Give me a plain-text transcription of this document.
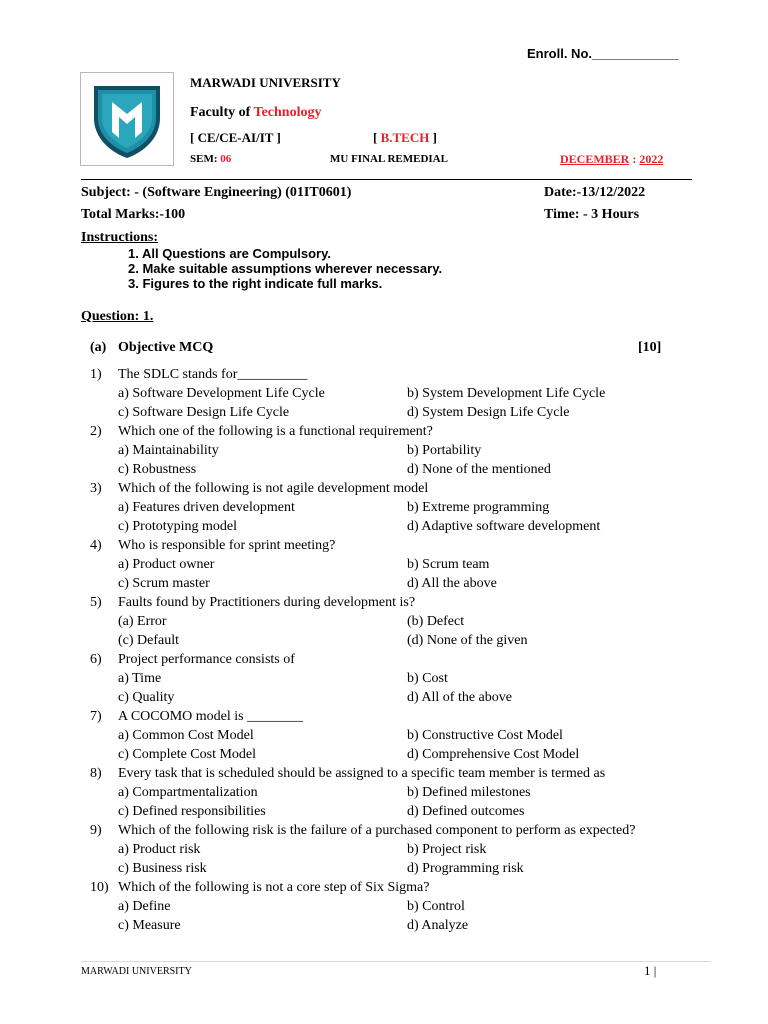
Enroll. No.____________
MARWADI UNIVERSITY
Faculty of Technology
[ CE/CE-AI/IT ]	[ B.TECH ]
SEM: 06	MU FINAL REMEDIAL	DECEMBER : 2022
Subject: - (Software Engineering) (01IT0601)	Date:-13/12/2022
Total Marks:-100	Time: - 3 Hours
Instructions:
1. All Questions are Compulsory.
2. Make suitable assumptions wherever necessary.
3. Figures to the right indicate full marks.
Question: 1.
(a) Objective MCQ	[10]
1) The SDLC stands for__________
a) Software Development Life Cycle	b) System Development Life Cycle
c) Software Design Life Cycle	d) System Design Life Cycle
2) Which one of the following is a functional requirement?
a) Maintainability	b) Portability
c) Robustness	d) None of the mentioned
3) Which of the following is not agile development model
a) Features driven development	b) Extreme programming
c) Prototyping model	d) Adaptive software development
4) Who is responsible for sprint meeting?
a) Product owner	b) Scrum team
c) Scrum master	d) All the above
5) Faults found by Practitioners during development is?
(a) Error	(b) Defect
(c) Default	(d) None of the given
6) Project performance consists of
a) Time	b) Cost
c) Quality	d) All of the above
7) A COCOMO model is ________
a) Common Cost Model	b) Constructive Cost Model
c) Complete Cost Model	d) Comprehensive Cost Model
8) Every task that is scheduled should be assigned to a specific team member is termed as
a) Compartmentalization	b) Defined milestones
c) Defined responsibilities	d) Defined outcomes
9) Which of the following risk is the failure of a purchased component to perform as expected?
a) Product risk	b) Project risk
c) Business risk	d) Programming risk
10) Which of the following is not a core step of Six Sigma?
a) Define	b) Control
c) Measure	d) Analyze
MARWADI UNIVERSITY	1 |
